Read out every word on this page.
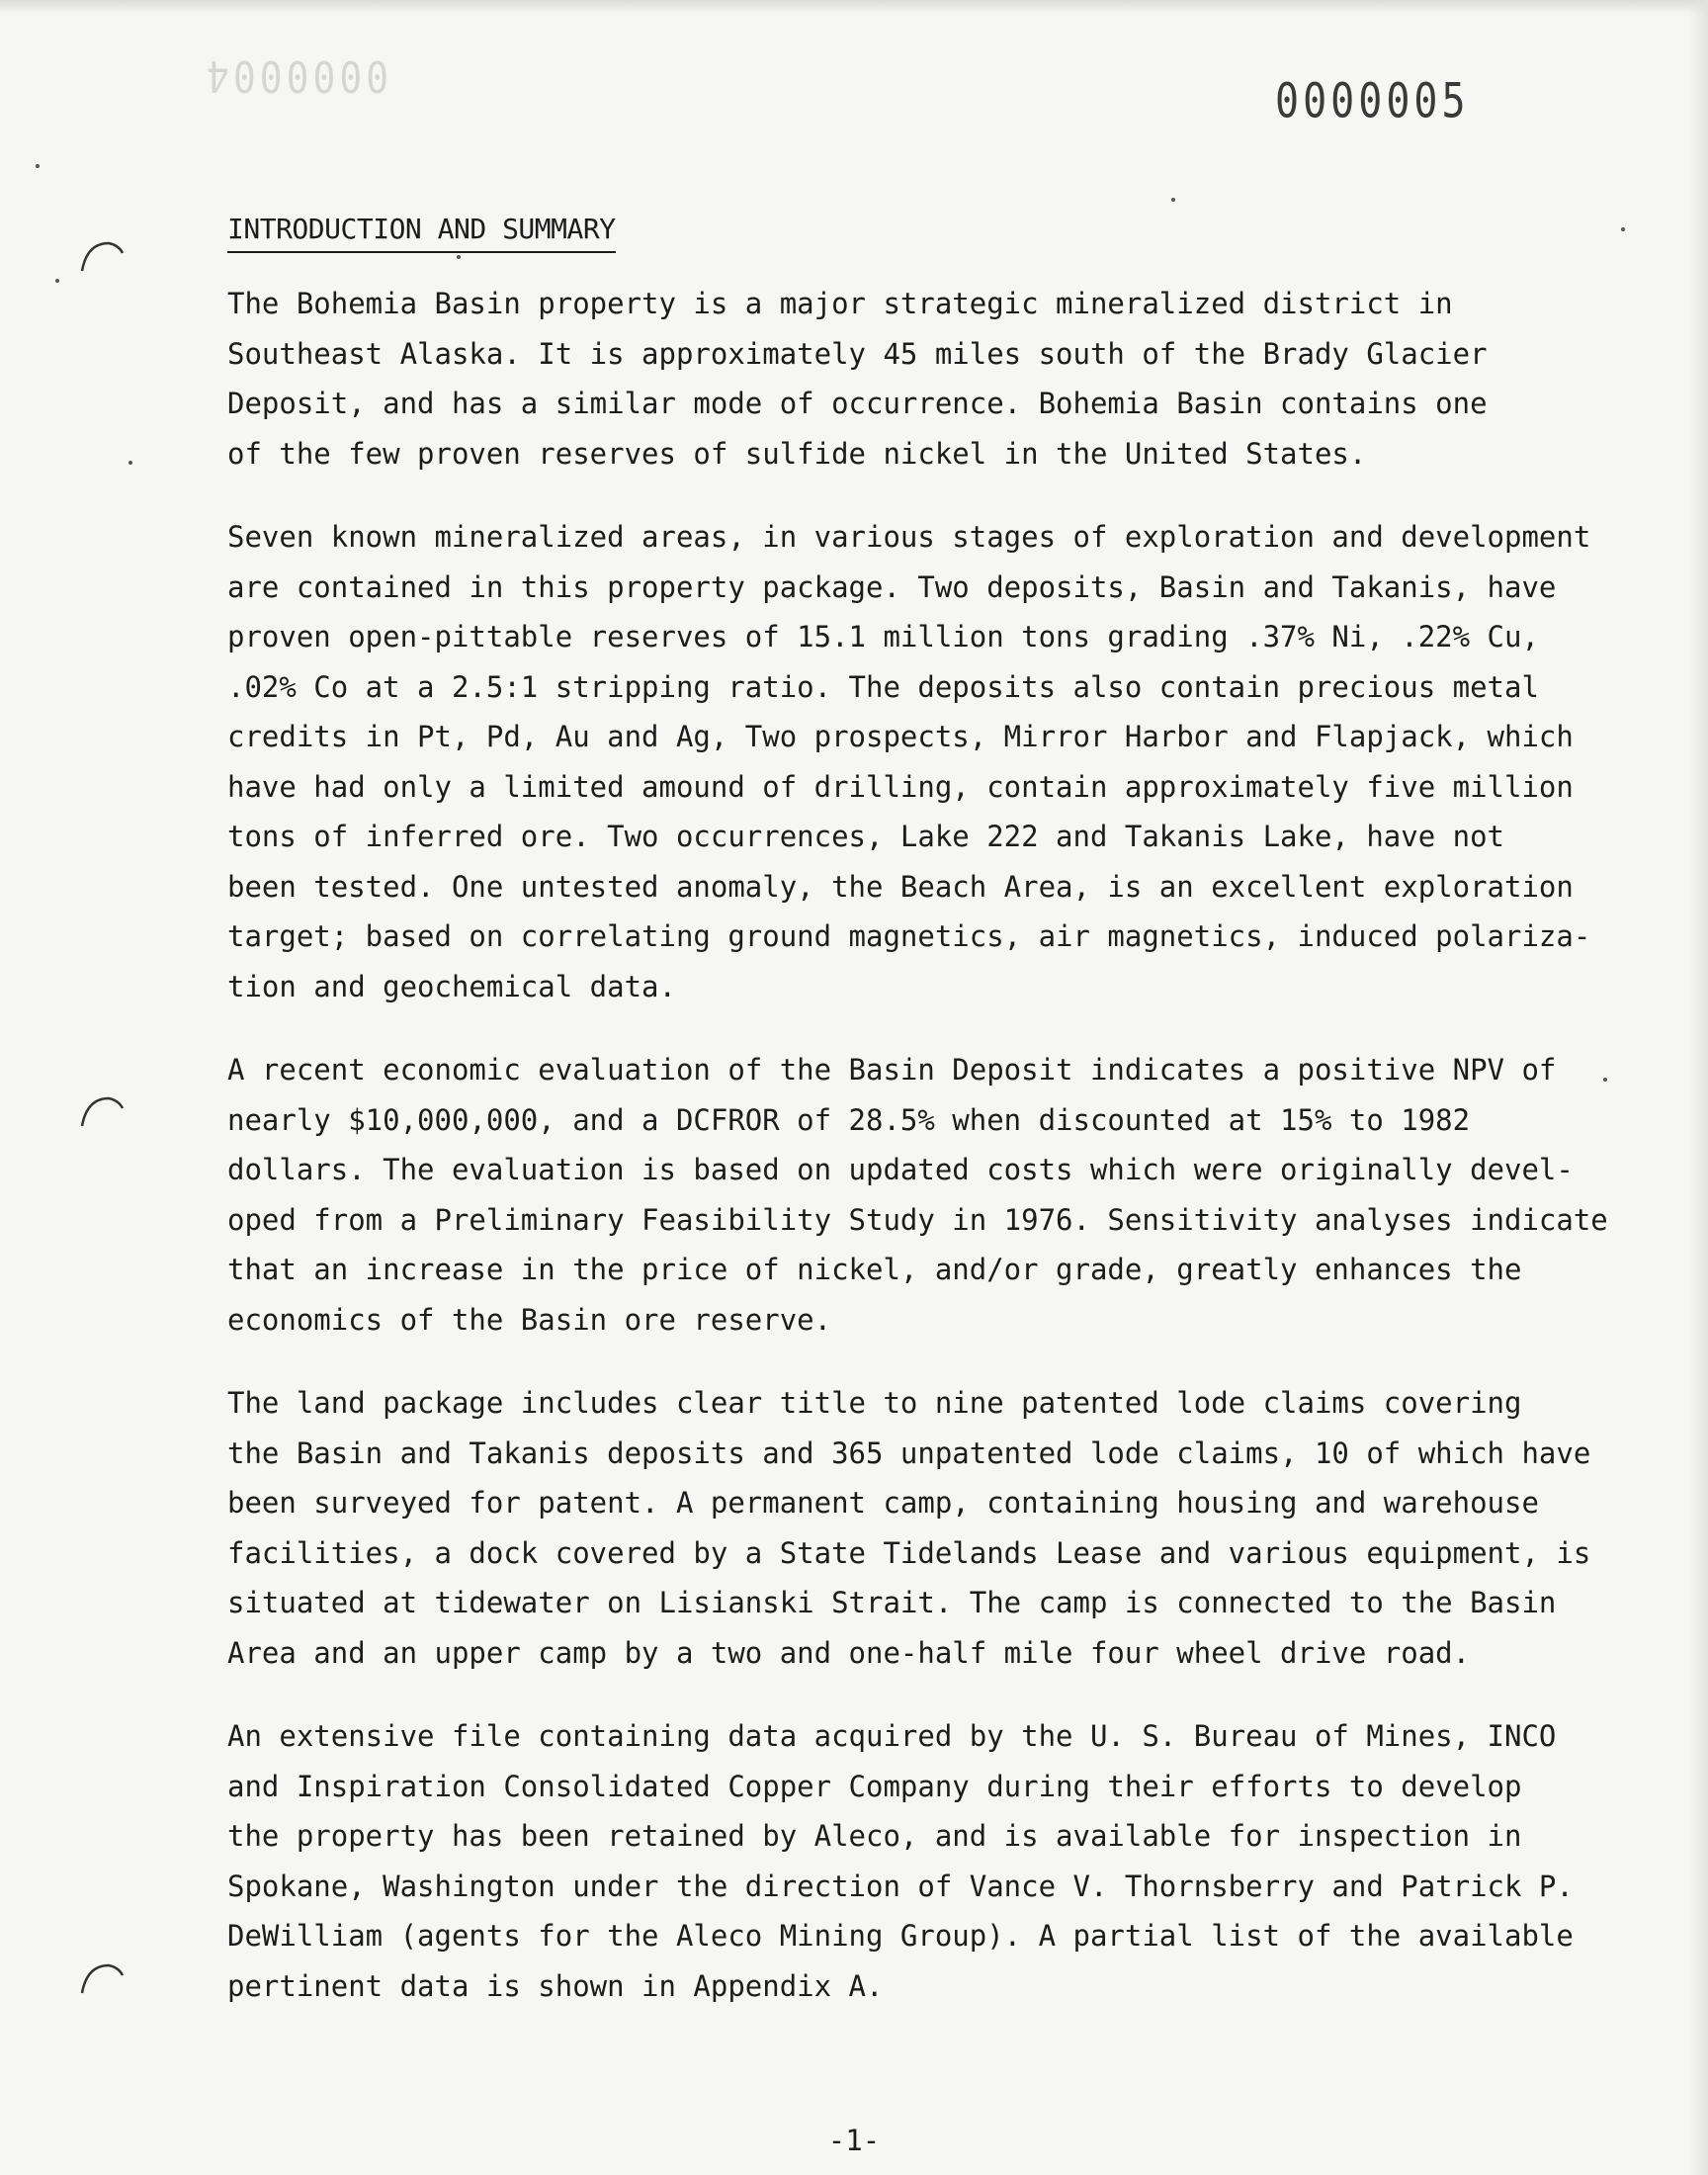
0000004	0000005
INTRODUCTION AND SUMMARY

The Bohemia Basin property is a major strategic mineralized district in
Southeast Alaska. It is approximately 45 miles south of the Brady Glacier
Deposit, and has a similar mode of occurrence. Bohemia Basin contains one
of the few proven reserves of sulfide nickel in the United States.

Seven known mineralized areas, in various stages of exploration and development
are contained in this property package. Two deposits, Basin and Takanis, have
proven open-pittable reserves of 15.1 million tons grading .37% Ni, .22% Cu,
.02% Co at a 2.5:1 stripping ratio. The deposits also contain precious metal
credits in Pt, Pd, Au and Ag, Two prospects, Mirror Harbor and Flapjack, which
have had only a limited amound of drilling, contain approximately five million
tons of inferred ore. Two occurrences, Lake 222 and Takanis Lake, have not
been tested. One untested anomaly, the Beach Area, is an excellent exploration
target; based on correlating ground magnetics, air magnetics, induced polariza-
tion and geochemical data.

A recent economic evaluation of the Basin Deposit indicates a positive NPV of
nearly $10,000,000, and a DCFROR of 28.5% when discounted at 15% to 1982
dollars. The evaluation is based on updated costs which were originally devel-
oped from a Preliminary Feasibility Study in 1976. Sensitivity analyses indicate
that an increase in the price of nickel, and/or grade, greatly enhances the
economics of the Basin ore reserve.

The land package includes clear title to nine patented lode claims covering
the Basin and Takanis deposits and 365 unpatented lode claims, 10 of which have
been surveyed for patent. A permanent camp, containing housing and warehouse
facilities, a dock covered by a State Tidelands Lease and various equipment, is
situated at tidewater on Lisianski Strait. The camp is connected to the Basin
Area and an upper camp by a two and one-half mile four wheel drive road.

An extensive file containing data acquired by the U. S. Bureau of Mines, INCO
and Inspiration Consolidated Copper Company during their efforts to develop
the property has been retained by Aleco, and is available for inspection in
Spokane, Washington under the direction of Vance V. Thornsberry and Patrick P.
DeWilliam (agents for the Aleco Mining Group). A partial list of the available
pertinent data is shown in Appendix A.

-1-
